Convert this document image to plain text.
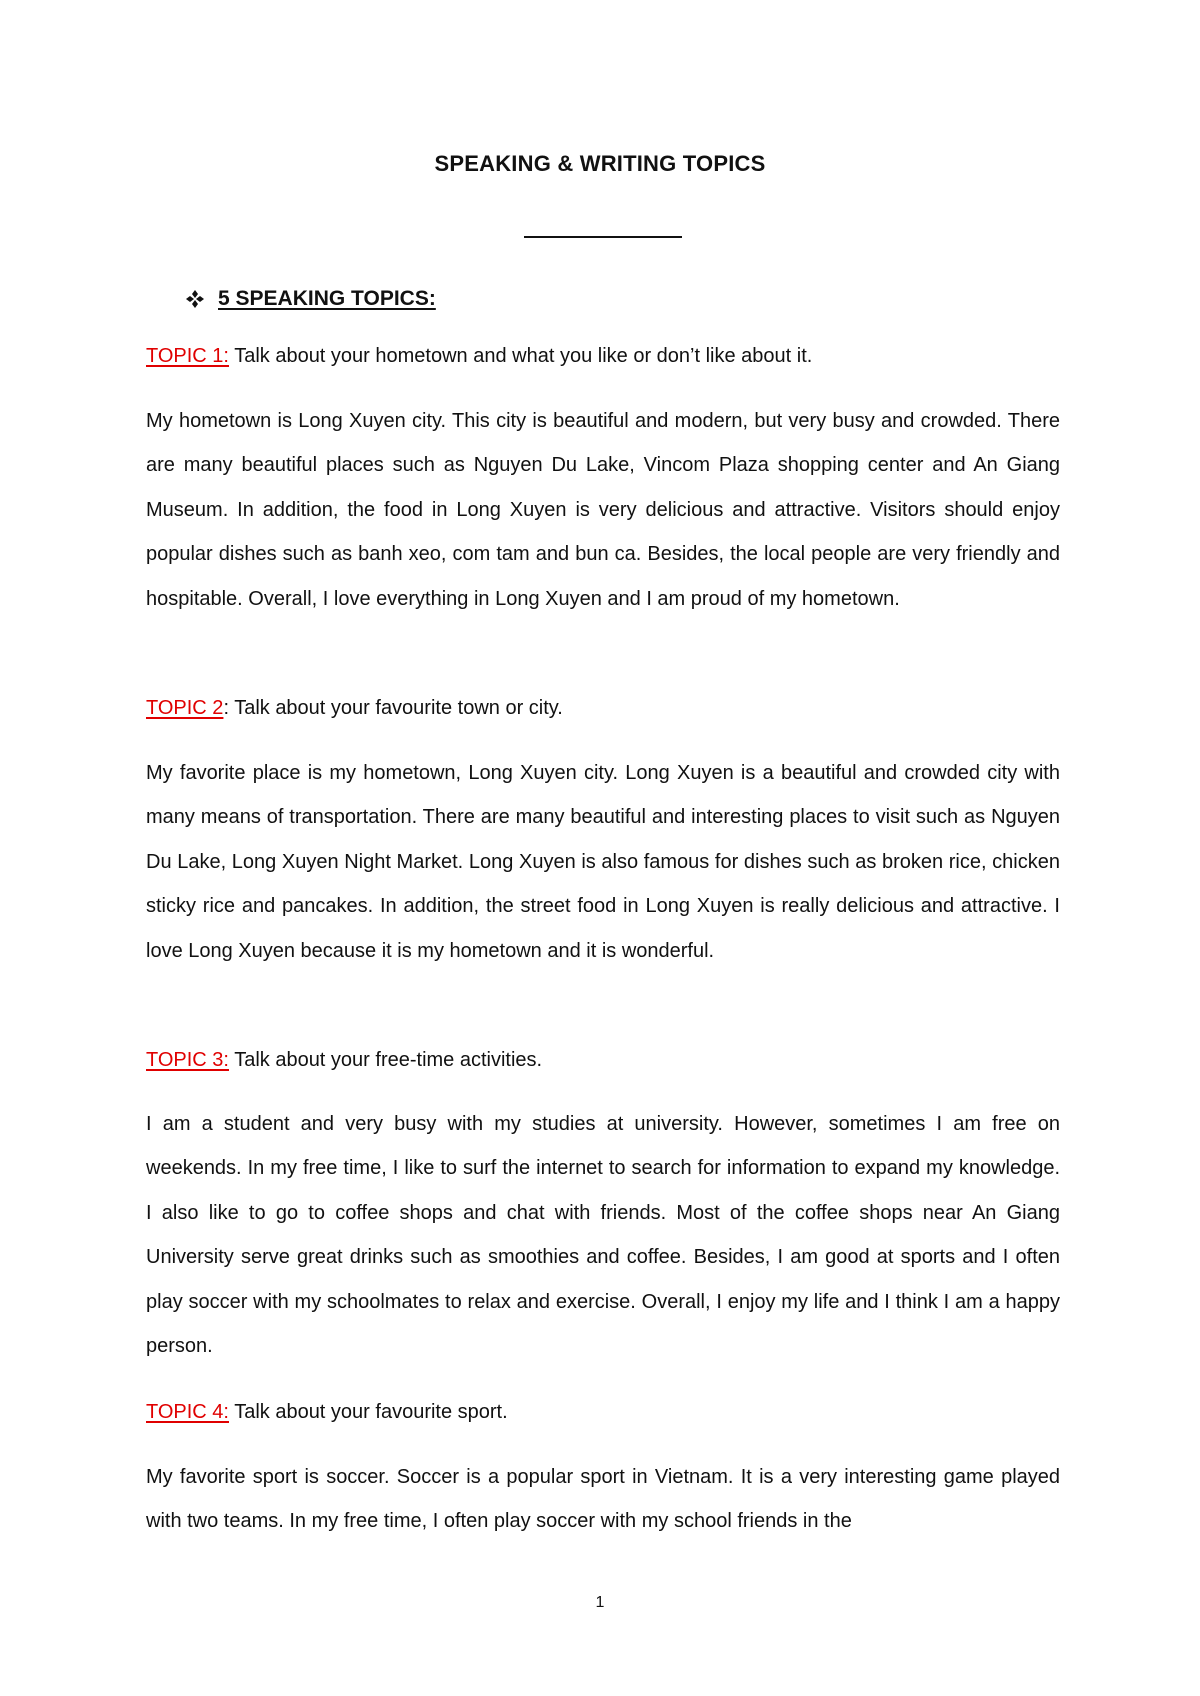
SPEAKING & WRITING TOPICS
5 SPEAKING TOPICS:

TOPIC 1: Talk about your hometown and what you like or don’t like about it.

My hometown is Long Xuyen city. This city is beautiful and modern, but very busy and crowded. There are many beautiful places such as Nguyen Du Lake, Vincom Plaza shopping center and An Giang Museum. In addition, the food in Long Xuyen is very delicious and attractive. Visitors should enjoy popular dishes such as banh xeo, com tam and bun ca. Besides, the local people are very friendly and hospitable. Overall, I love everything in Long Xuyen and I am proud of my hometown.

TOPIC 2: Talk about your favourite town or city.

My favorite place is my hometown, Long Xuyen city. Long Xuyen is a beautiful and crowded city with many means of transportation. There are many beautiful and interesting places to visit such as Nguyen Du Lake, Long Xuyen Night Market. Long Xuyen is also famous for dishes such as broken rice, chicken sticky rice and pancakes. In addition, the street food in Long Xuyen is really delicious and attractive. I love Long Xuyen because it is my hometown and it is wonderful.

TOPIC 3: Talk about your free-time activities.

I am a student and very busy with my studies at university. However, sometimes I am free on weekends. In my free time, I like to surf the internet to search for information to expand my knowledge. I also like to go to coffee shops and chat with friends. Most of the coffee shops near An Giang University serve great drinks such as smoothies and coffee. Besides, I am good at sports and I often play soccer with my schoolmates to relax and exercise. Overall, I enjoy my life and I think I am a happy person.

TOPIC 4: Talk about your favourite sport.

My favorite sport is soccer. Soccer is a popular sport in Vietnam. It is a very interesting game played with two teams. In my free time, I often play soccer with my school friends in the

1
